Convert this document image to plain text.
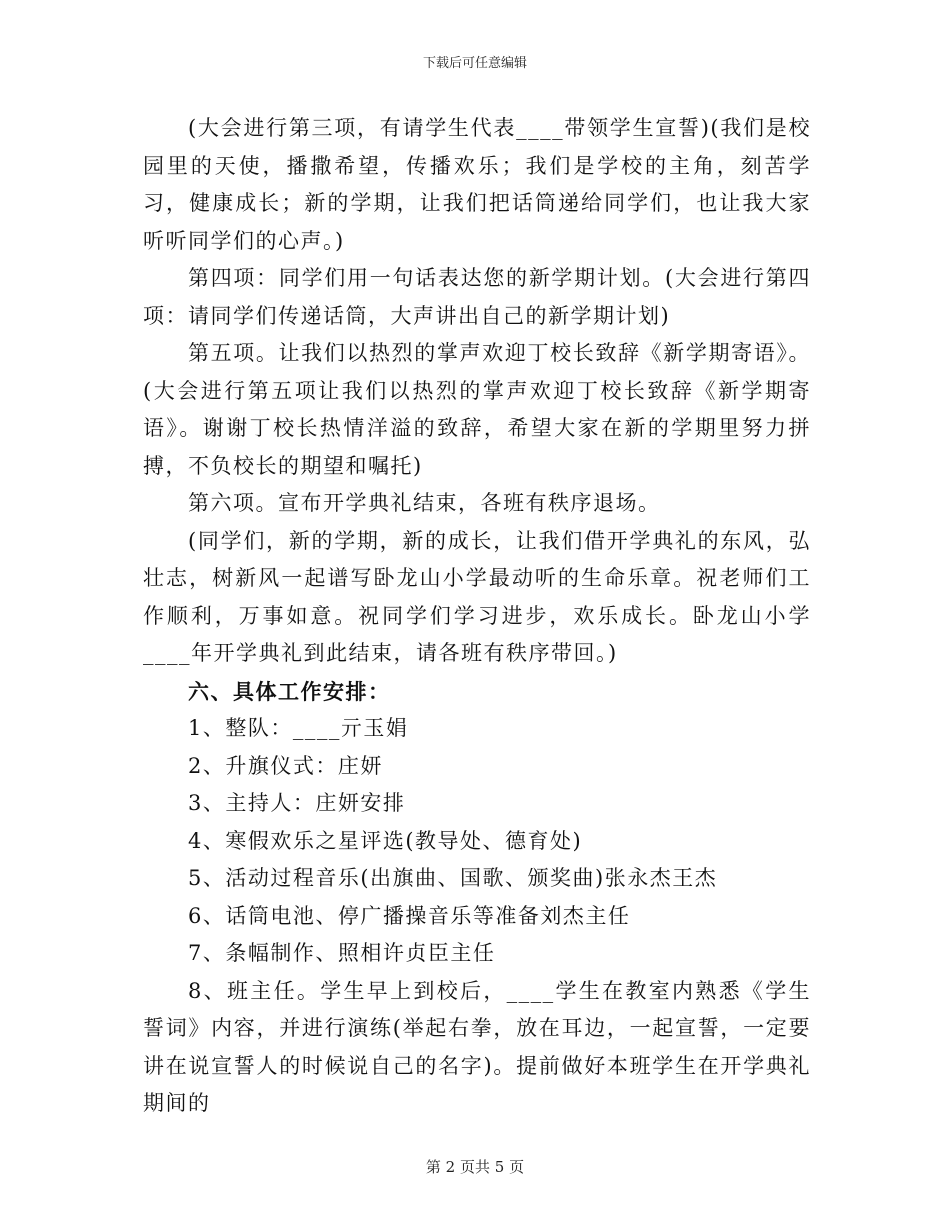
下载后可任意编辑

(大会进行第三项，有请学生代表____带领学生宣誓)(我们是校园里的天使，播撒希望，传播欢乐；我们是学校的主角，刻苦学习，健康成长；新的学期，让我们把话筒递给同学们，也让我大家听听同学们的心声。)

第四项：同学们用一句话表达您的新学期计划。(大会进行第四项：请同学们传递话筒，大声讲出自己的新学期计划)

第五项。让我们以热烈的掌声欢迎丁校长致辞《新学期寄语》。(大会进行第五项让我们以热烈的掌声欢迎丁校长致辞《新学期寄语》。谢谢丁校长热情洋溢的致辞，希望大家在新的学期里努力拼搏，不负校长的期望和嘱托)

第六项。宣布开学典礼结束，各班有秩序退场。

(同学们，新的学期，新的成长，让我们借开学典礼的东风，弘壮志，树新风一起谱写卧龙山小学最动听的生命乐章。祝老师们工作顺利，万事如意。祝同学们学习进步，欢乐成长。卧龙山小学____年开学典礼到此结束，请各班有秩序带回。)

六、具体工作安排：

1、整队：____亓玉娟

2、升旗仪式：庄妍

3、主持人：庄妍安排

4、寒假欢乐之星评选(教导处、德育处)

5、活动过程音乐(出旗曲、国歌、颁奖曲)张永杰王杰

6、话筒电池、停广播操音乐等准备刘杰主任

7、条幅制作、照相许贞臣主任

8、班主任。学生早上到校后，____学生在教室内熟悉《学生誓词》内容，并进行演练(举起右拳，放在耳边，一起宣誓，一定要讲在说宣誓人的时候说自己的名字)。提前做好本班学生在开学典礼期间的

第 2 页共 5 页
